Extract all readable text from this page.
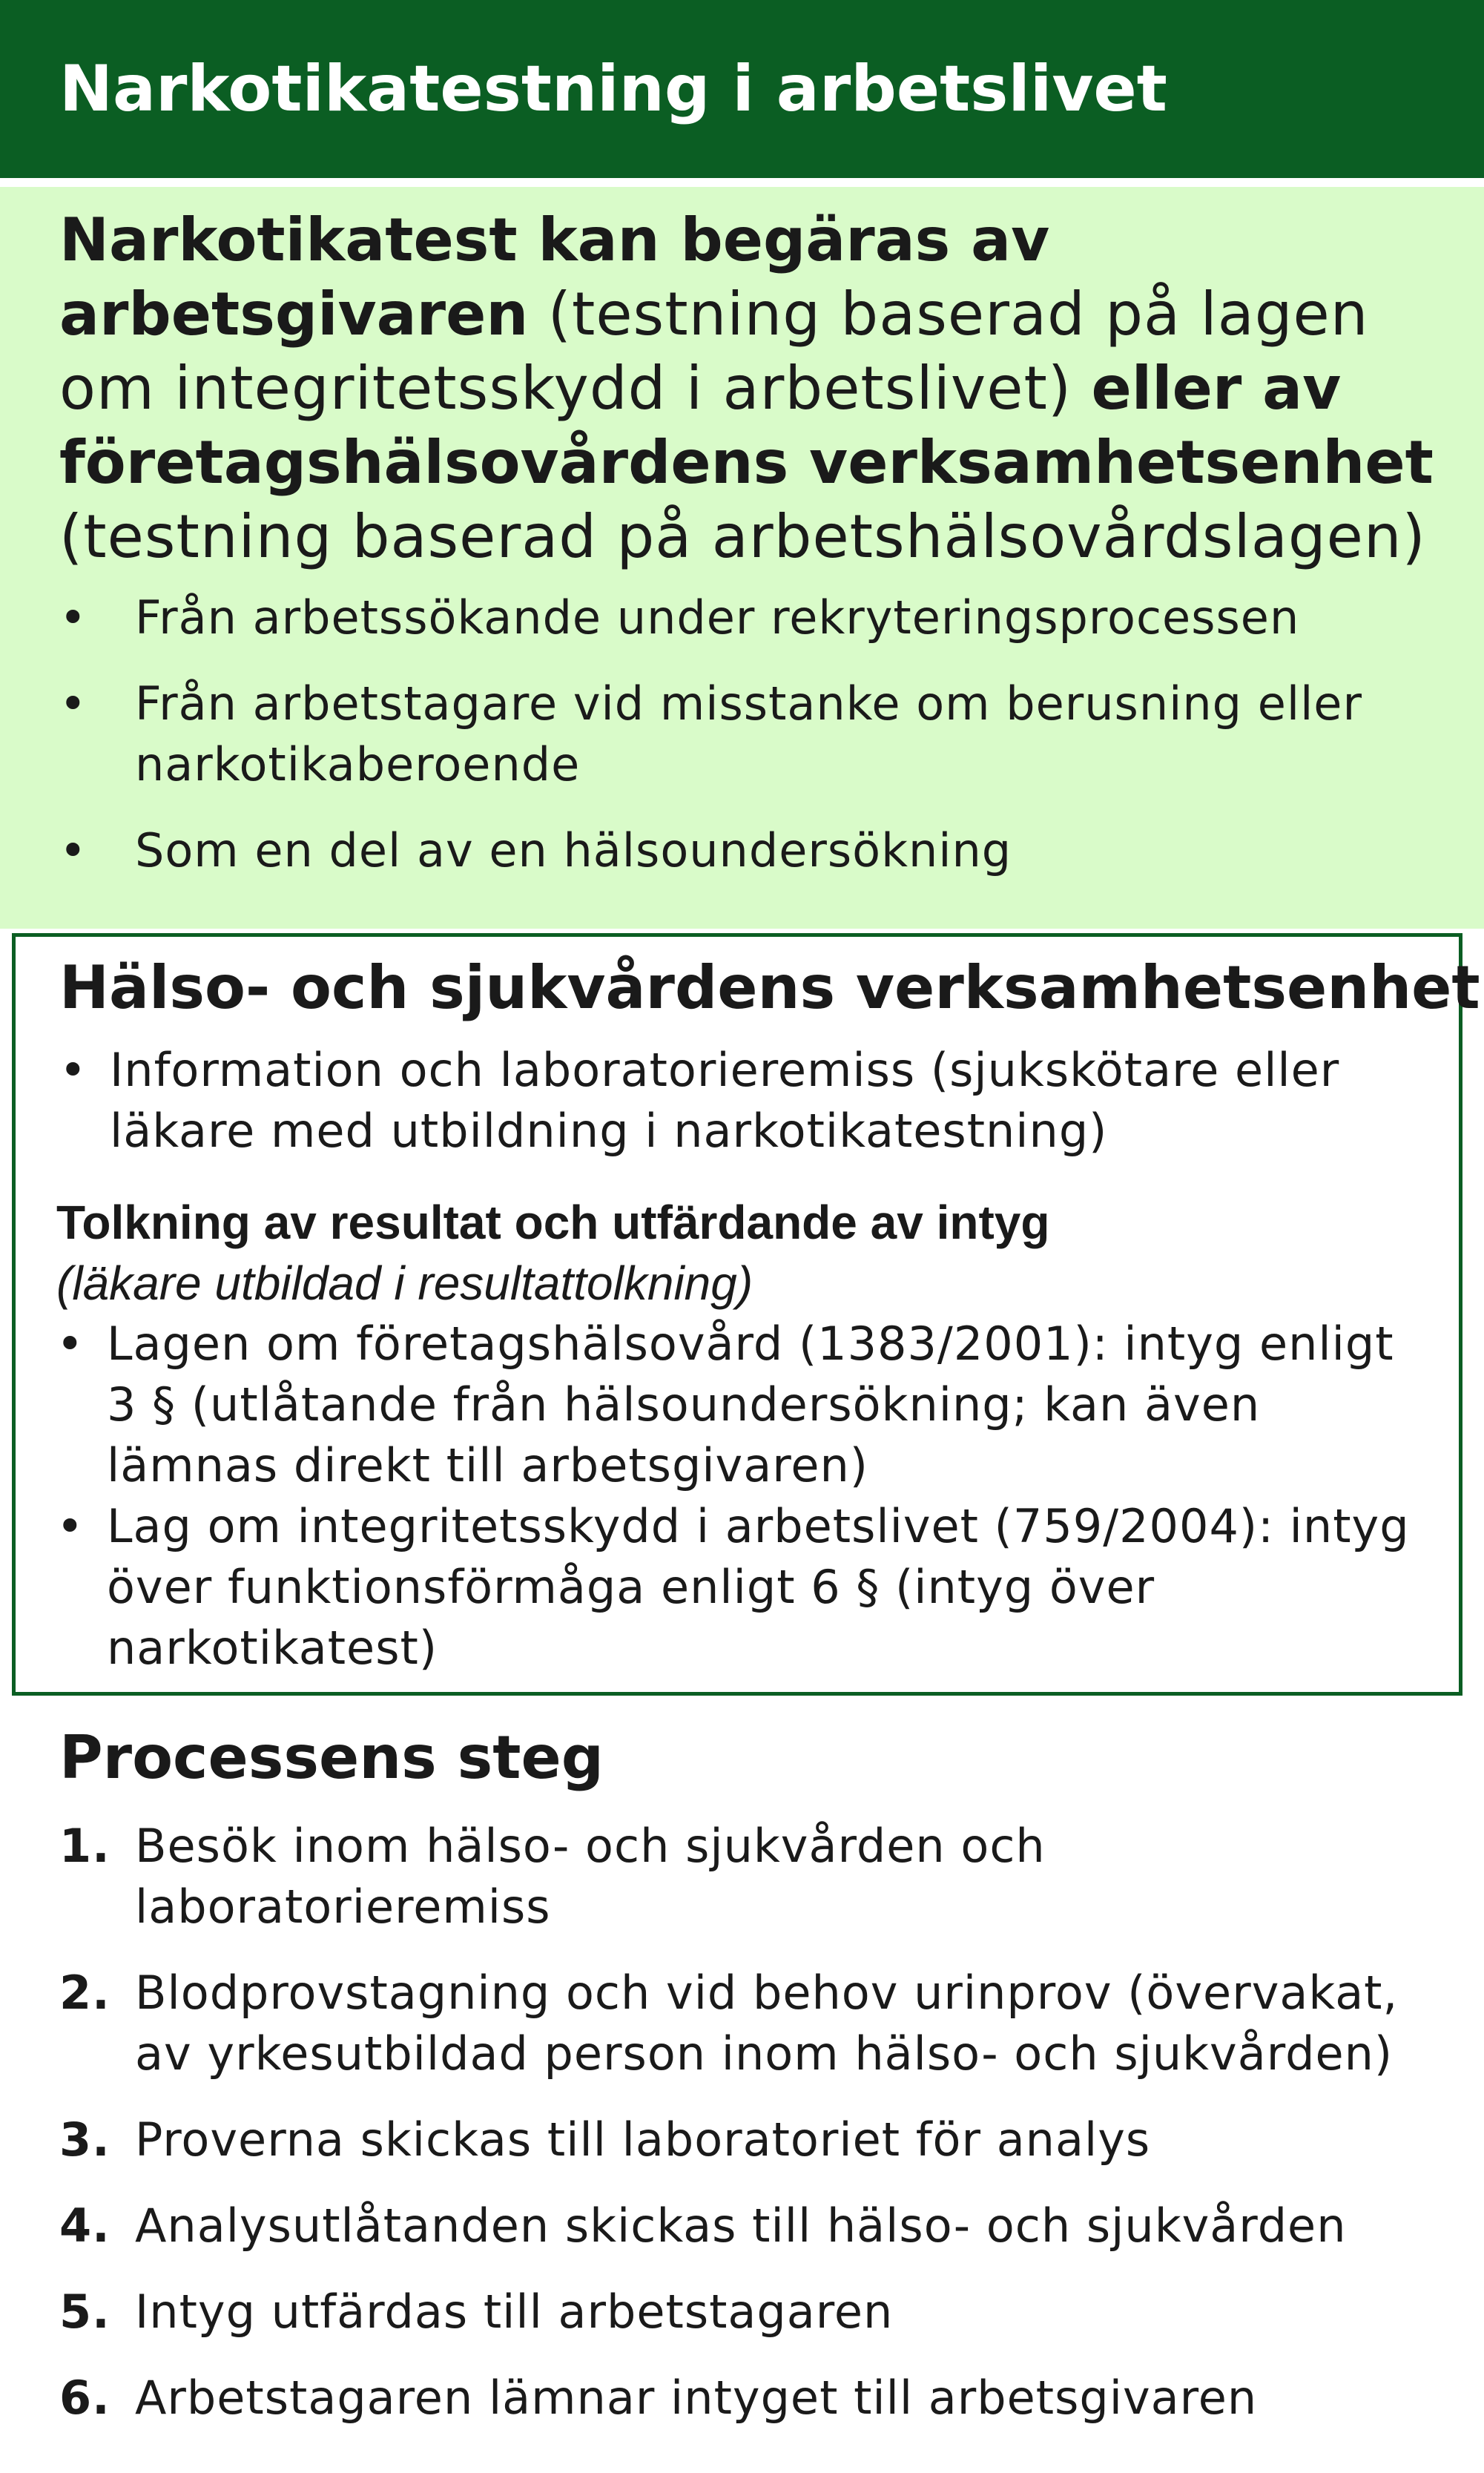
Narkotikatestning i arbetslivet
Narkotikatest kan begäras av arbetsgivaren (testning baserad på lagen om integritetsskydd i arbetslivet) eller av företagshälsovårdens verksamhetsenhet (testning baserad på arbetshälsovårdslagen)
• Från arbetssökande under rekryteringsprocessen
• Från arbetstagare vid misstanke om berusning eller narkotikaberoende
• Som en del av en hälsoundersökning
Hälso- och sjukvårdens verksamhetsenhet
• Information och laboratorieremiss (sjukskötare eller läkare med utbildning i narkotikatestning)
Tolkning av resultat och utfärdande av intyg
(läkare utbildad i resultattolkning)
• Lagen om företagshälsovård (1383/2001): intyg enligt 3 § (utlåtande från hälsoundersökning; kan även lämnas direkt till arbetsgivaren)
• Lag om integritetsskydd i arbetslivet (759/2004): intyg över funktionsförmåga enligt 6 § (intyg över narkotikatest)
Processens steg
1. Besök inom hälso- och sjukvården och laboratorieremiss
2. Blodprovstagning och vid behov urinprov (övervakat, av yrkesutbildad person inom hälso- och sjukvården)
3. Proverna skickas till laboratoriet för analys
4. Analysutlåtanden skickas till hälso- och sjukvården
5. Intyg utfärdas till arbetstagaren
6. Arbetstagaren lämnar intyget till arbetsgivaren
